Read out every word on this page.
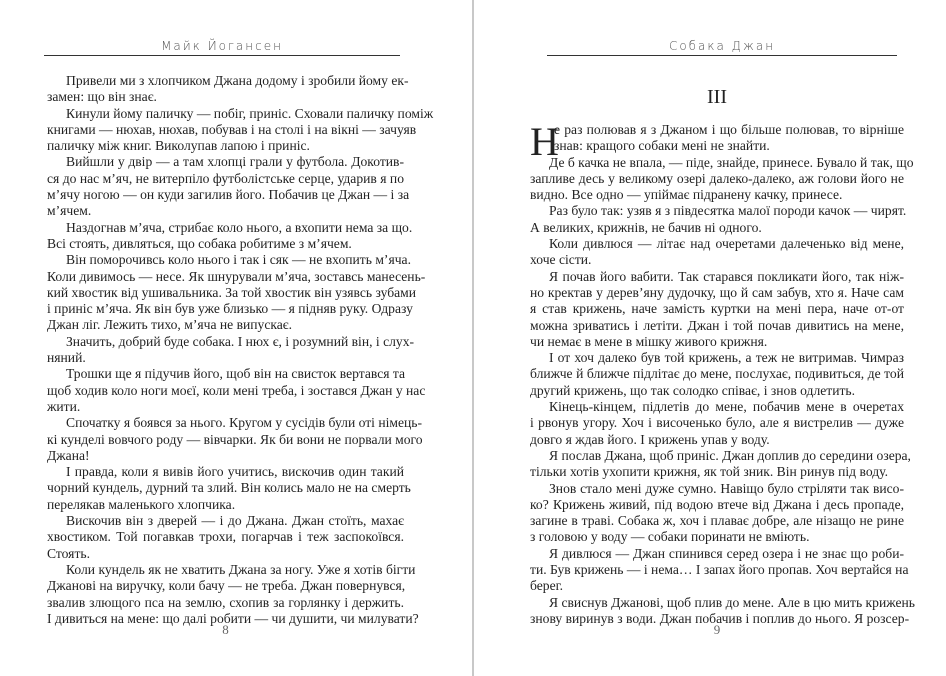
Майк Йогансен
Привели ми з хлопчиком Джана додому і зробили йому ек-
замен: що він знає.
Кинули йому паличку — побіг, приніс. Сховали паличку поміж
книгами — нюхав, нюхав, побував і на столі і на вікні — зачуяв
паличку між книг. Виколупав лапою і приніс.
Вийшли у двір — а там хлопці грали у футбола. Докотив-
ся до нас м’яч, не витерпіло футболістське серце, ударив я по
м’ячу ногою — он куди загилив його. Побачив це Джан — і за
м’ячем.
Наздогнав м’яча, стрибає коло нього, а вхопити нема за що.
Всі стоять, дивляться, що собака робитиме з м’ячем.
Він поморочивсь коло нього і так і сяк — не вхопить м’яча.
Коли дивимось — несе. Як шнурували м’яча, зоставсь манесень-
кий хвостик від ушивальника. За той хвостик він узявсь зубами
і приніс м’яча. Як він був уже близько — я підняв руку. Одразу
Джан ліг. Лежить тихо, м’яча не випускає.
Значить, добрий буде собака. І нюх є, і розумний він, і слух-
няний.
Трошки ще я підучив його, щоб він на свисток вертався та
щоб ходив коло ноги моєї, коли мені треба, і зостався Джан у нас
жити.
Спочатку я боявся за нього. Кругом у сусідів були оті німець-
кі кунделі вовчого роду — вівчарки. Як би вони не порвали мого
Джана!
І правда, коли я вивів його учитись, вискочив один такий
чорний кундель, дурний та злий. Він колись мало не на смерть
перелякав маленького хлопчика.
Вискочив він з дверей — і до Джана. Джан стоїть, махає
хвостиком. Той погавкав трохи, погарчав і теж заспокоївся.
Стоять.
Коли кундель як не хватить Джана за ногу. Уже я хотів бігти
Джанові на виручку, коли бачу — не треба. Джан повернувся,
звалив злющого пса на землю, схопив за горлянку і держить.
І дивиться на мене: що далі робити — чи душити, чи милувати?
8
Собака Джан
III
Н
е раз полював я з Джаном і що більше полював, то вірніше
знав: кращого собаки мені не знайти.
Де б качка не впала, — піде, знайде, принесе. Бувало й так, що
запливе десь у великому озері далеко-далеко, аж голови його не
видно. Все одно — упіймає підранену качку, принесе.
Раз було так: узяв я з півдесятка малої породи качок — чирят.
А великих, крижнів, не бачив ні одного.
Коли дивлюся — літає над очеретами далеченько від мене,
хоче сісти.
Я почав його вабити. Так старався покликати його, так ніж-
но кректав у дерев’яну дудочку, що й сам забув, хто я. Наче сам
я став крижень, наче замість куртки на мені пера, наче от-от
можна зриватись і летіти. Джан і той почав дивитись на мене,
чи немає в мене в мішку живого крижня.
І от хоч далеко був той крижень, а теж не витримав. Чимраз
ближче й ближче підлітає до мене, послухає, подивиться, де той
другий крижень, що так солодко співає, і знов одлетить.
Кінець-кінцем, підлетів до мене, побачив мене в очеретах
і рвонув угору. Хоч і височенько було, але я вистрелив — дуже
довго я ждав його. І крижень упав у воду.
Я послав Джана, щоб приніс. Джан доплив до середини озера,
тільки хотів ухопити крижня, як той зник. Він ринув під воду.
Знов стало мені дуже сумно. Навіщо було стріляти так висо-
ко? Крижень живий, під водою втече від Джана і десь пропаде,
загине в траві. Собака ж, хоч і плаває добре, але нізащо не рине
з головою у воду — собаки поринати не вміють.
Я дивлюся — Джан спинився серед озера і не знає що роби-
ти. Був крижень — і нема… І запах його пропав. Хоч вертайся на
берег.
Я свиснув Джанові, щоб плив до мене. Але в цю мить крижень
знову виринув з води. Джан побачив і поплив до нього. Я розсер-
9
